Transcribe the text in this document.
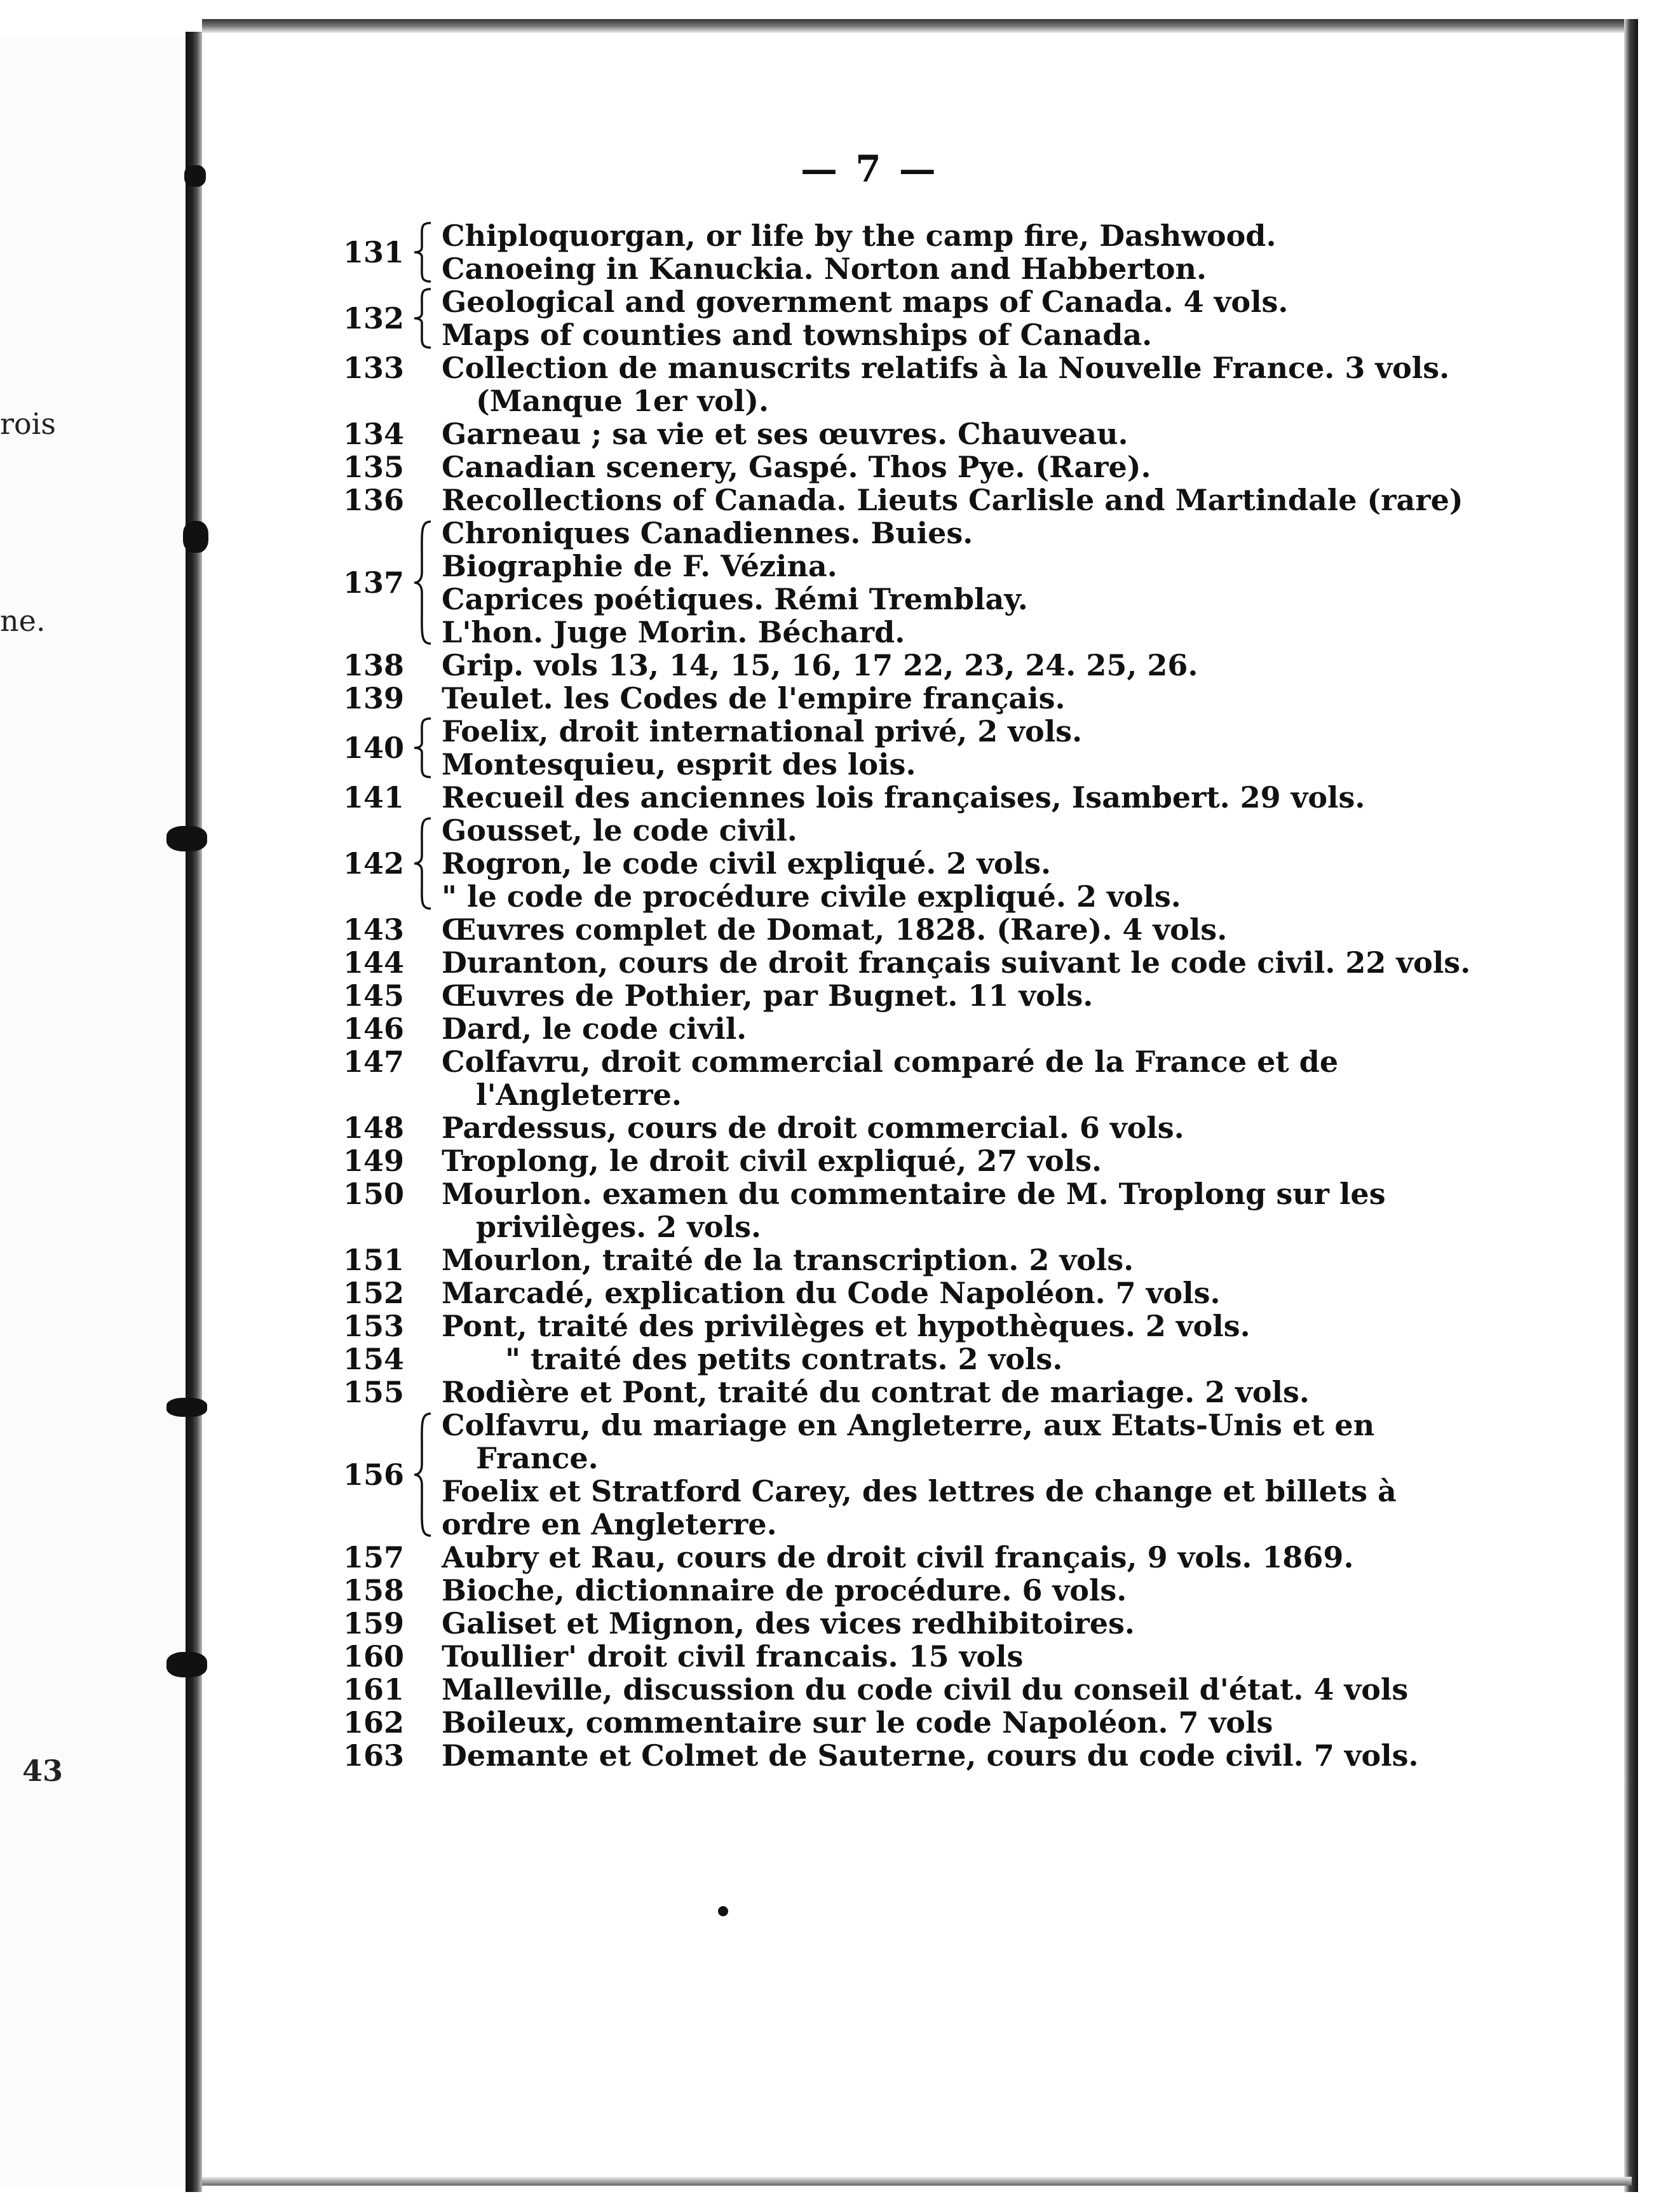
rois
ne.
43
— 7 —
131 Chiploquorgan, or life by the camp fire, Dashwood.
Canoeing in Kanuckia. Norton and Habberton.
132 Geological and government maps of Canada. 4 vols.
Maps of counties and townships of Canada.
133 Collection de manuscrits relatifs à la Nouvelle France. 3 vols.
(Manque 1er vol).
134 Garneau ; sa vie et ses œuvres. Chauveau.
135 Canadian scenery, Gaspé. Thos Pye. (Rare).
136 Recollections of Canada. Lieuts Carlisle and Martindale (rare)
137
Chroniques Canadiennes. Buies.
Biographie de F. Vézina.
Caprices poétiques. Rémi Tremblay.
L'hon. Juge Morin. Béchard.
138 Grip. vols 13, 14, 15, 16, 17 22, 23, 24. 25, 26.
139 Teulet. les Codes de l'empire français.
140 Foelix, droit international privé, 2 vols.
Montesquieu, esprit des lois.
141 Recueil des anciennes lois françaises, Isambert. 29 vols.
142
Gousset, le code civil.
Rogron, le code civil expliqué. 2 vols.
" le code de procédure civile expliqué. 2 vols.
143 Œuvres complet de Domat, 1828. (Rare). 4 vols.
144 Duranton, cours de droit français suivant le code civil. 22 vols.
145 Œuvres de Pothier, par Bugnet. 11 vols.
146 Dard, le code civil.
147 Colfavru, droit commercial comparé de la France et de
l'Angleterre.
148 Pardessus, cours de droit commercial. 6 vols.
149 Troplong, le droit civil expliqué, 27 vols.
150 Mourlon. examen du commentaire de M. Troplong sur les
privilèges. 2 vols.
151 Mourlon, traité de la transcription. 2 vols.
152 Marcadé, explication du Code Napoléon. 7 vols.
153 Pont, traité des privilèges et hypothèques. 2 vols.
154	" traité des petits contrats. 2 vols.
155 Rodière et Pont, traité du contrat de mariage. 2 vols.
156
Colfavru, du mariage en Angleterre, aux Etats-Unis et en
France.
Foelix et Stratford Carey, des lettres de change et billets à
ordre en Angleterre.
157 Aubry et Rau, cours de droit civil français, 9 vols. 1869.
158 Bioche, dictionnaire de procédure. 6 vols.
159 Galiset et Mignon, des vices redhibitoires.
160 Toullier' droit civil francais. 15 vols
161 Malleville, discussion du code civil du conseil d'état. 4 vols
162 Boileux, commentaire sur le code Napoléon. 7 vols
163 Demante et Colmet de Sauterne, cours du code civil. 7 vols.
